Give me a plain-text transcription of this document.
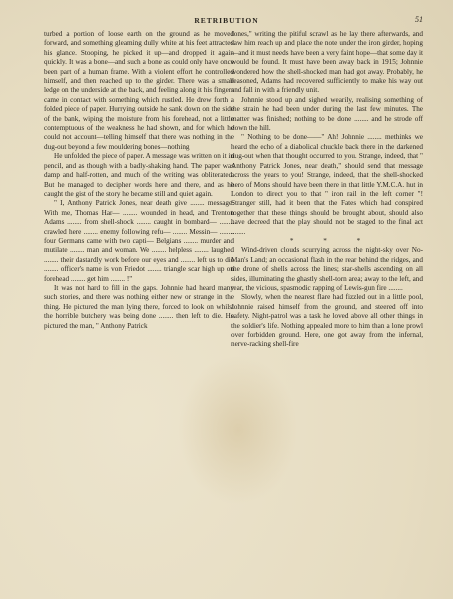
RETRIBUTION	51

turbed a portion of loose earth on the ground as he moved forward, and something gleaming dully white at his feet attracted his glance. Stooping, he picked it up—and dropped it again quickly. It was a bone—and such a bone as could only have once been part of a human frame. With a violent effort he controlled himself, and then reached up to the girder. There was a small ledge on the underside at the back, and feeling along it his fingers came in contact with something which rustled. He drew forth a folded piece of paper. Hurrying outside he sank down on the side of the bank, wiping the moisture from his forehead, not a little contemptuous of the weakness he had shown, and for which he could not account—telling himself that there was nothing in the dug-out beyond a few mouldering bones—nothing

He unfolded the piece of paper. A message was written on it in pencil, and as though with a badly-shaking hand. The paper was damp and half-rotten, and much of the writing was obliterated. But he managed to decipher words here and there, and as he caught the gist of the story he became still and quiet again.

" I, Anthony Patrick Jones, near death give ........ message. With me, Thomas Har— ........ wounded in head, and Trenton Adams ........ from shell-shock ........ caught in bombard— ........ crawled here ........ enemy following refu— ........ Messin— ........ four Germans came with two capti— Belgians ........ murder and mutilate ........ man and woman. We ........ helpless ........ laughed ........ their dastardly work before our eyes and ........ left us to die ........ officer's name is von Friedot ........ triangle scar high up on forehead ........ get him ........ !"

It was not hard to fill in the gaps. Johnnie had heard many such stories, and there was nothing either new or strange in the thing. He pictured the man lying there, forced to look on whilst the horrible butchery was being done ........ then left to die. He pictured the man, " Anthony Patrick

Jones," writing the pitiful scrawl as he lay there afterwards, and saw him reach up and place the note under the iron girder, hoping —and it must needs have been a very faint hope—that some day it would be found. It must have been away back in 1915; Johnnie wondered how the shell-shocked man had got away. Probably, he reasoned, Adams had recovered sufficiently to make his way out and fall in with a friendly unit.

Johnnie stood up and sighed wearily, realising something of the strain he had been under during the last few minutes. The matter was finished; nothing to be done ........ and he strode off down the hill.

" Nothing to be done——" Ah! Johnnie ........ methinks we heard the echo of a diabolical chuckle back there in the darkened dug-out when that thought occurred to you. Strange, indeed, that " Anthony Patrick Jones, near death," should send that message across the years to you! Strange, indeed, that the shell-shocked hero of Mons should have been there in that little Y.M.C.A. hut in London to direct you to that " iron rail in the left corner "! Stranger still, had it been that the Fates which had conspired together that these things should be brought about, should also have decreed that the play should not be staged to the final act ........

* * *

Wind-driven clouds scurrying across the night-sky over No-Man's Land; an occasional flash in the rear behind the ridges, and the drone of shells across the lines; star-shells ascending on all sides, illuminating the ghastly shell-torn area; away to the left, and rear, the vicious, spasmodic rapping of Lewis-gun fire ........

Slowly, when the nearest flare had fizzled out in a little pool, Johnnie raised himself from the ground, and steered off into safety. Night-patrol was a task he loved above all other things in the soldier's life. Nothing appealed more to him than a lone prowl over forbidden ground. Here, one got away from the infernal, nerve-racking shell-fire
